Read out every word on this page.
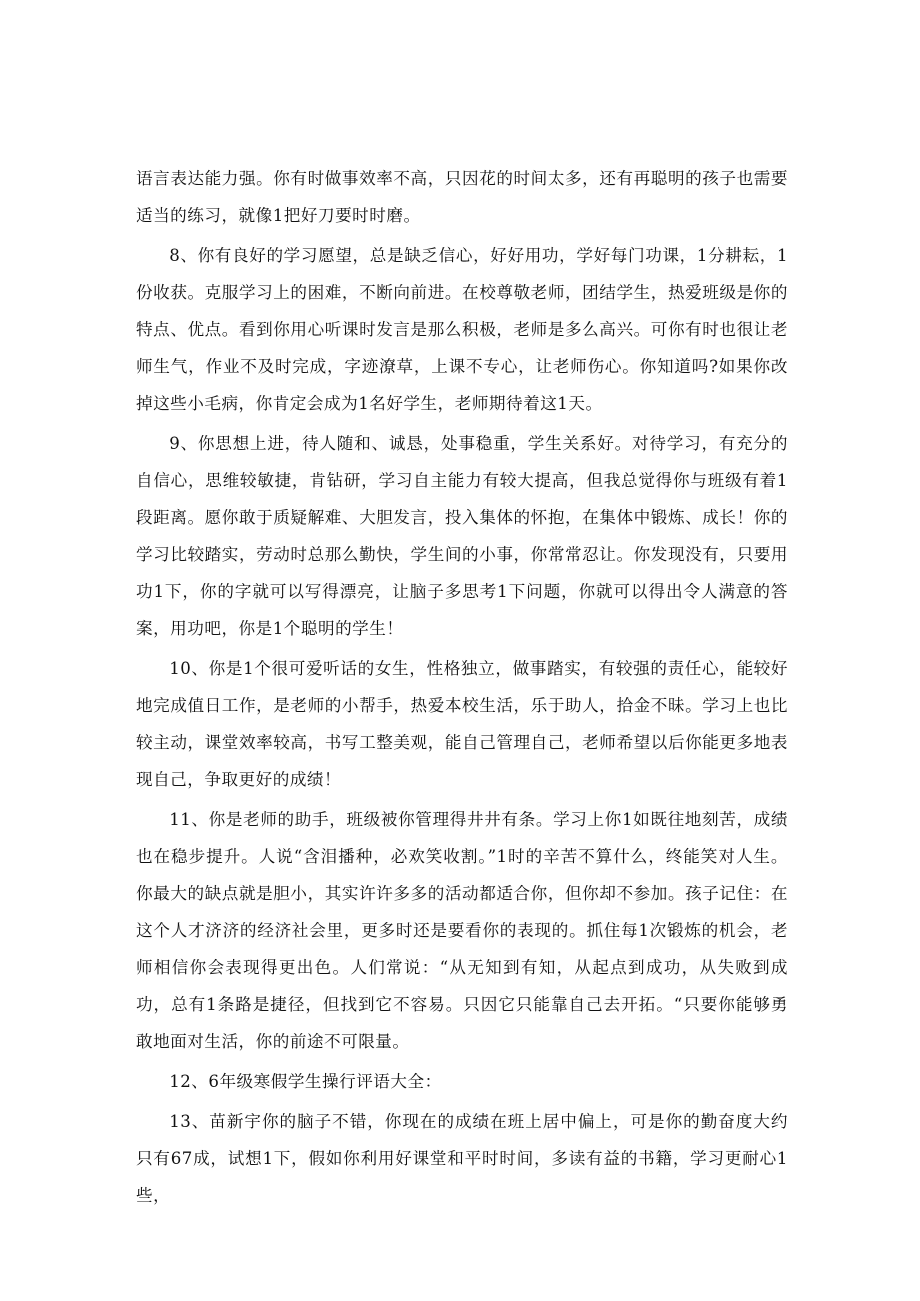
语言表达能力强。你有时做事效率不高，只因花的时间太多，还有再聪明的孩子也需要适当的练习，就像1把好刀要时时磨。

8、你有良好的学习愿望，总是缺乏信心，好好用功，学好每门功课，1分耕耘，1份收获。克服学习上的困难，不断向前进。在校尊敬老师，团结学生，热爱班级是你的特点、优点。看到你用心听课时发言是那么积极，老师是多么高兴。可你有时也很让老师生气，作业不及时完成，字迹潦草，上课不专心，让老师伤心。你知道吗?如果你改掉这些小毛病，你肯定会成为1名好学生，老师期待着这1天。

9、你思想上进，待人随和、诚恳，处事稳重，学生关系好。对待学习，有充分的自信心，思维较敏捷，肯钻研，学习自主能力有较大提高，但我总觉得你与班级有着1段距离。愿你敢于质疑解难、大胆发言，投入集体的怀抱，在集体中锻炼、成长！你的学习比较踏实，劳动时总那么勤快，学生间的小事，你常常忍让。你发现没有，只要用功1下，你的字就可以写得漂亮，让脑子多思考1下问题，你就可以得出令人满意的答案，用功吧，你是1个聪明的学生！

10、你是1个很可爱听话的女生，性格独立，做事踏实，有较强的责任心，能较好地完成值日工作，是老师的小帮手，热爱本校生活，乐于助人，拾金不昧。学习上也比较主动，课堂效率较高，书写工整美观，能自己管理自己，老师希望以后你能更多地表现自己，争取更好的成绩！

11、你是老师的助手，班级被你管理得井井有条。学习上你1如既往地刻苦，成绩也在稳步提升。人说“含泪播种，必欢笑收割。”1时的辛苦不算什么，终能笑对人生。你最大的缺点就是胆小，其实许许多多的活动都适合你，但你却不参加。孩子记住：在这个人才济济的经济社会里，更多时还是要看你的表现的。抓住每1次锻炼的机会，老师相信你会表现得更出色。人们常说：“从无知到有知，从起点到成功，从失败到成功，总有1条路是捷径，但找到它不容易。只因它只能靠自己去开拓。“只要你能够勇敢地面对生活，你的前途不可限量。

12、6年级寒假学生操行评语大全：

13、苗新宇你的脑子不错，你现在的成绩在班上居中偏上，可是你的勤奋度大约只有67成，试想1下，假如你利用好课堂和平时时间，多读有益的书籍，学习更耐心1些，
